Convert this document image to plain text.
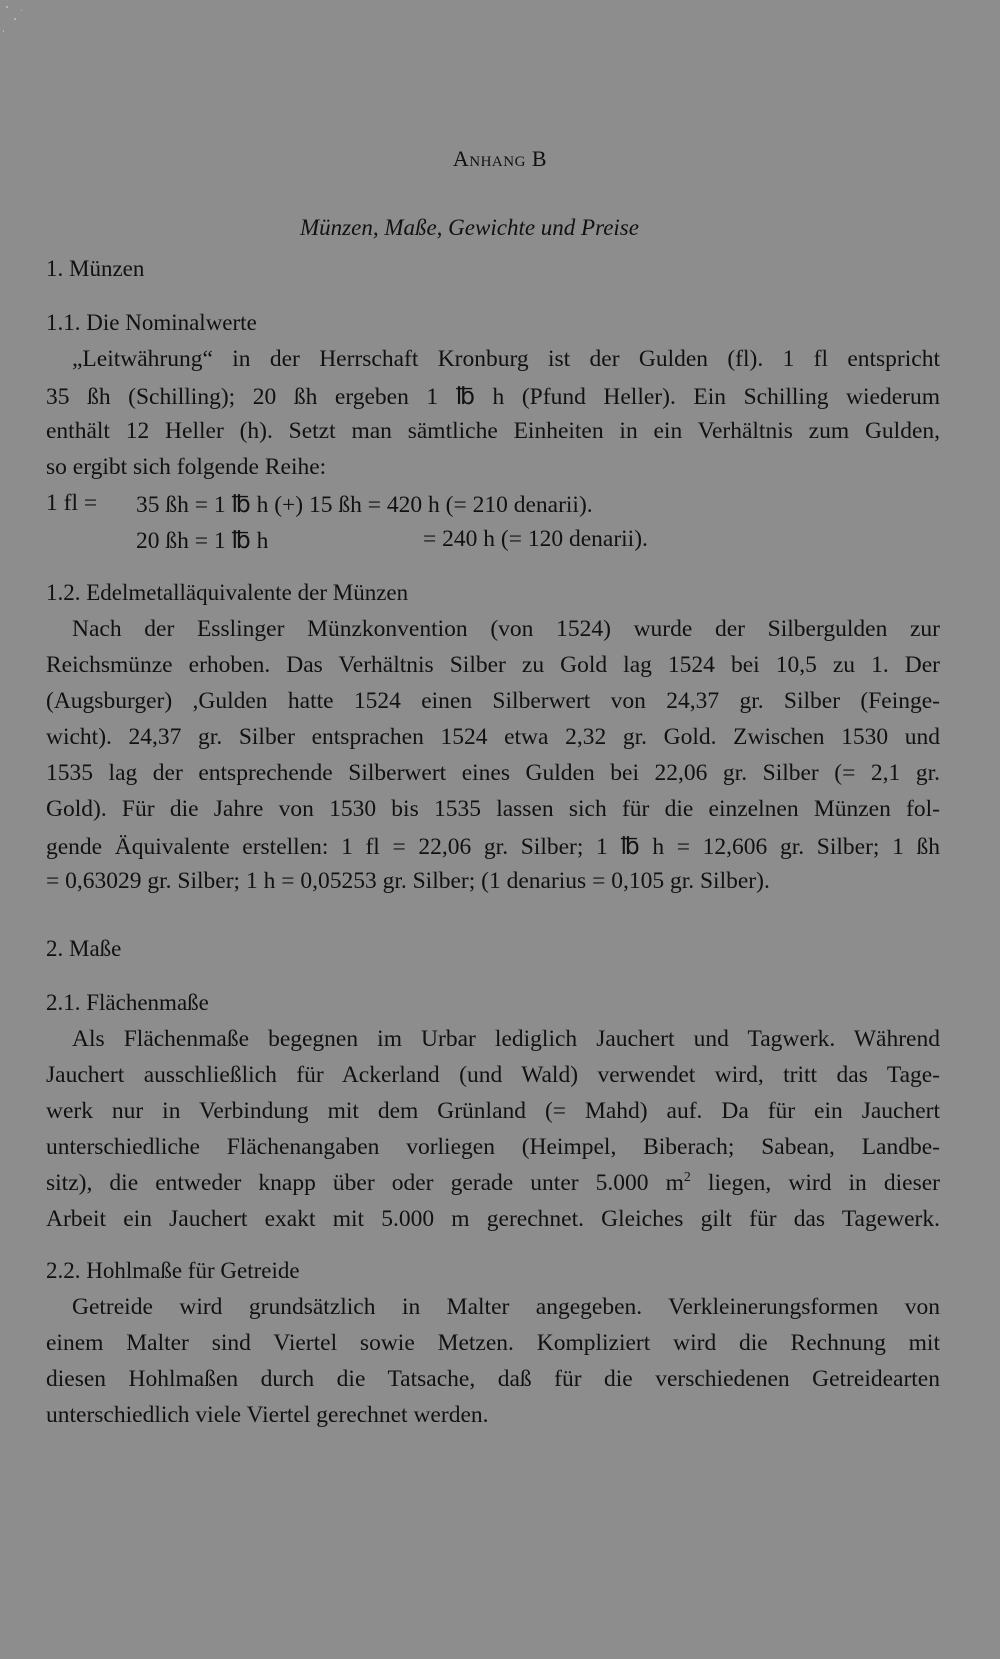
Anhang B
Münzen, Maße, Gewichte und Preise
1. Münzen
1.1. Die Nominalwerte
„Leitwährung“ in der Herrschaft Kronburg ist der Gulden (fl). 1 fl entspricht
35 ßh (Schilling); 20 ßh ergeben 1 ℔ h (Pfund Heller). Ein Schilling wiederum
enthält 12 Heller (h). Setzt man sämtliche Einheiten in ein Verhältnis zum Gulden,
so ergibt sich folgende Reihe:
1 fl = 35 ßh = 1 ℔ h (+) 15 ßh = 420 h (= 210 denarii).
20 ßh = 1 ℔ h	= 240 h (= 120 denarii).
1.2. Edelmetalläquivalente der Münzen
Nach der Esslinger Münzkonvention (von 1524) wurde der Silbergulden zur
Reichsmünze erhoben. Das Verhältnis Silber zu Gold lag 1524 bei 10,5 zu 1. Der
(Augsburger) ,Gulden hatte 1524 einen Silberwert von 24,37 gr. Silber (Feinge-
wicht). 24,37 gr. Silber entsprachen 1524 etwa 2,32 gr. Gold. Zwischen 1530 und
1535 lag der entsprechende Silberwert eines Gulden bei 22,06 gr. Silber (= 2,1 gr.
Gold). Für die Jahre von 1530 bis 1535 lassen sich für die einzelnen Münzen fol-
gende Äquivalente erstellen: 1 fl = 22,06 gr. Silber; 1 ℔ h = 12,606 gr. Silber; 1 ßh
= 0,63029 gr. Silber; 1 h = 0,05253 gr. Silber; (1 denarius = 0,105 gr. Silber).
2. Maße
2.1. Flächenmaße
Als Flächenmaße begegnen im Urbar lediglich Jauchert und Tagwerk. Während
Jauchert ausschließlich für Ackerland (und Wald) verwendet wird, tritt das Tage-
werk nur in Verbindung mit dem Grünland (= Mahd) auf. Da für ein Jauchert
unterschiedliche Flächenangaben vorliegen (Heimpel, Biberach; Sabean, Landbe-
sitz), die entweder knapp über oder gerade unter 5.000 $m^2$ liegen, wird in dieser
Arbeit ein Jauchert exakt mit 5.000 m gerechnet. Gleiches gilt für das Tagewerk.
2.2. Hohlmaße für Getreide
Getreide wird grundsätzlich in Malter angegeben. Verkleinerungsformen von
einem Malter sind Viertel sowie Metzen. Kompliziert wird die Rechnung mit
diesen Hohlmaßen durch die Tatsache, daß für die verschiedenen Getreidearten
unterschiedlich viele Viertel gerechnet werden.
